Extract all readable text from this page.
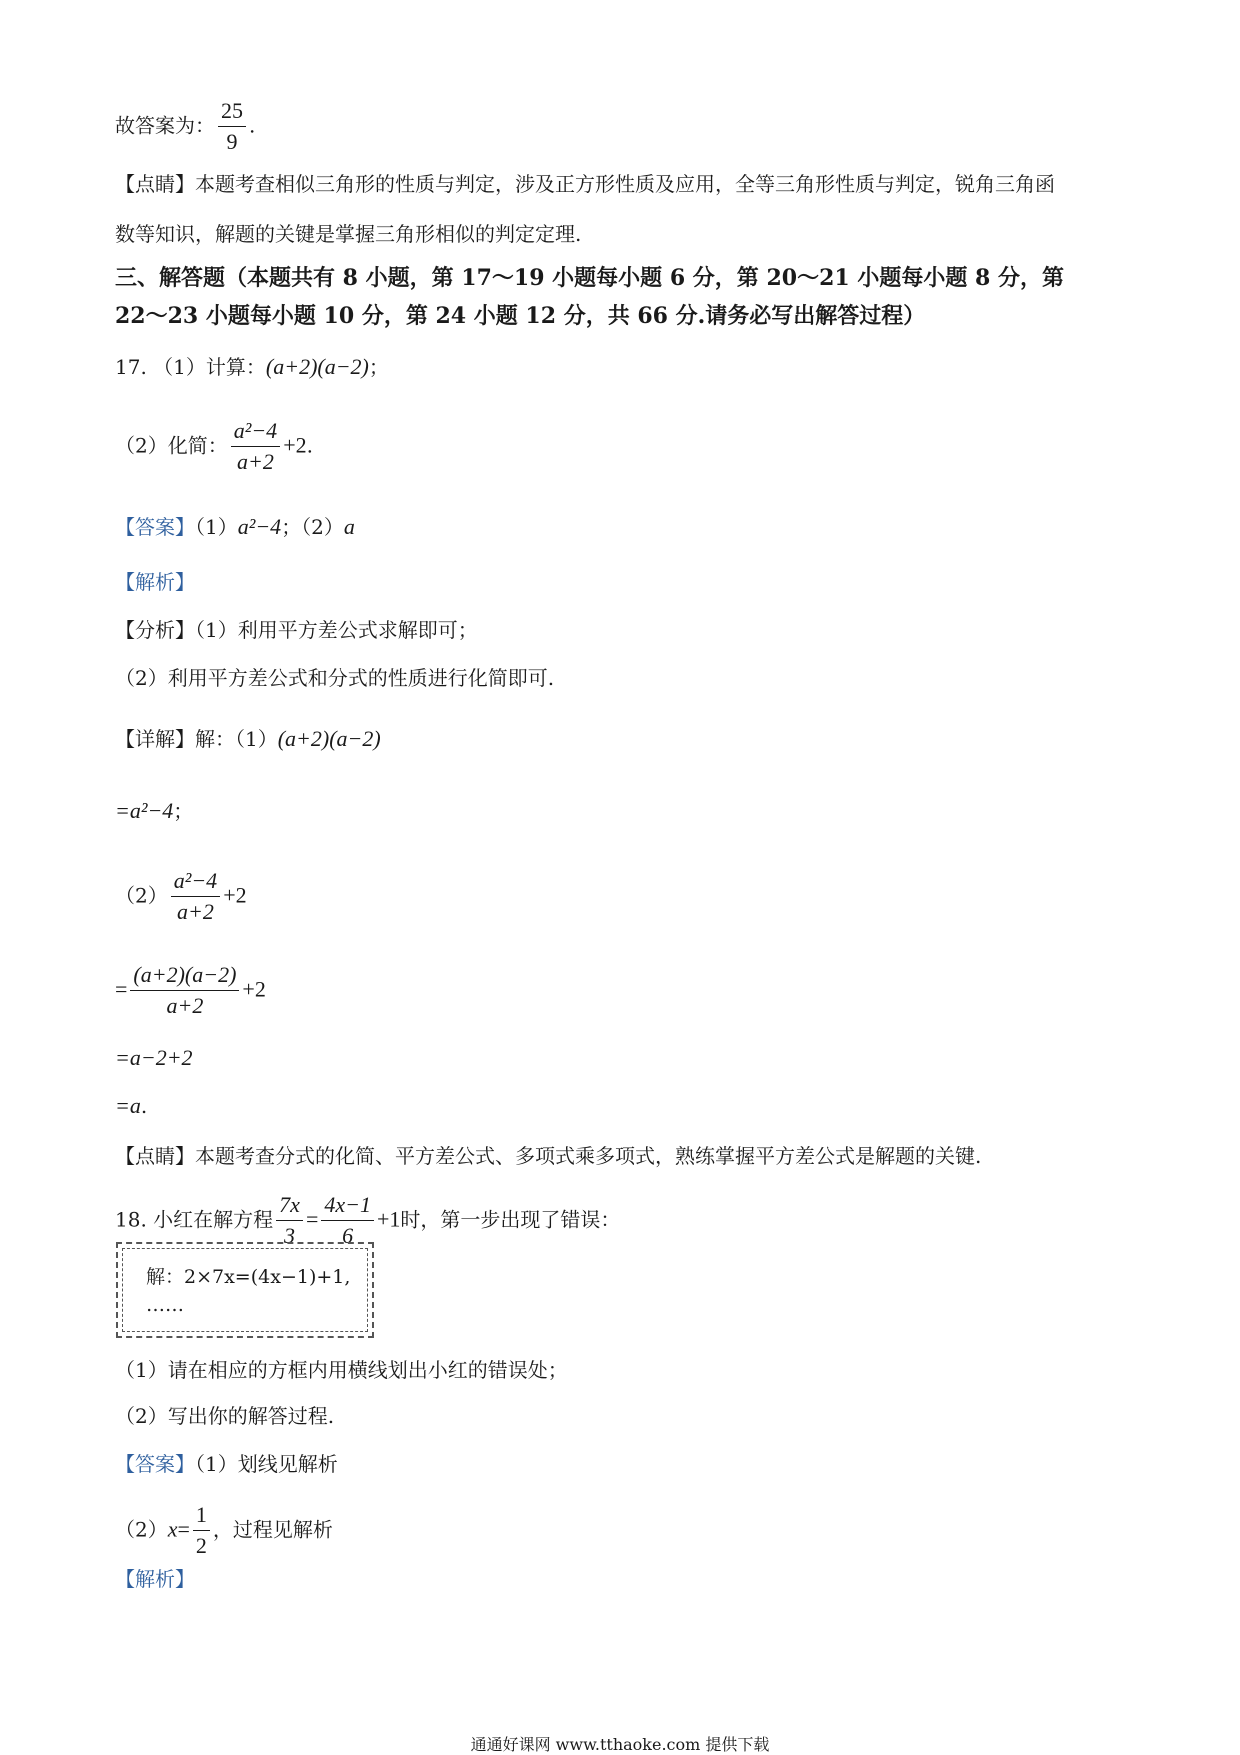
故答案为： $\frac{25}{9}$ .
【点睛】本题考查相似三角形的性质与判定，涉及正方形性质及应用，全等三角形性质与判定，锐角三角函
数等知识，解题的关键是掌握三角形相似的判定定理.
三、解答题（本题共有 8 小题，第 17～19 小题每小题 6 分，第 20～21 小题每小题 8 分，第
22～23 小题每小题 10 分，第 24 小题 12 分，共 66 分.请务必写出解答过程）
17. （1）计算：(a+2)(a−2)；
（2）化简： $\frac{\text{a²−4}}{a+2} +2$.
【答案】（1）a²−4；（2）a
【解析】
【分析】（1）利用平方差公式求解即可；
（2）利用平方差公式和分式的性质进行化简即可.
【详解】解：（1）(a+2)(a−2)
=a²−4；
$(2) \frac{\text{a²−4}}{a+2} +2$
= $\frac{(a+2)(a-2)}{a+2} +2$
=a−2+2
=a.
【点睛】本题考查分式的化简、平方差公式、多项式乘多项式，熟练掌握平方差公式是解题的关键.
18. 小红在解方程 $\frac{7x}{3} = \frac{4x-1}{6} +1$时，第一步出现了错误：
解：2×7x=(4x−1)+1,
……
（1）请在相应的方框内用横线划出小红的错误处；
（2）写出你的解答过程.
【答案】（1）划线见解析
$(2)x= \frac{1}{2}$ ，过程见解析
【解析】
通通好课网 www.tthaoke.com 提供下载
